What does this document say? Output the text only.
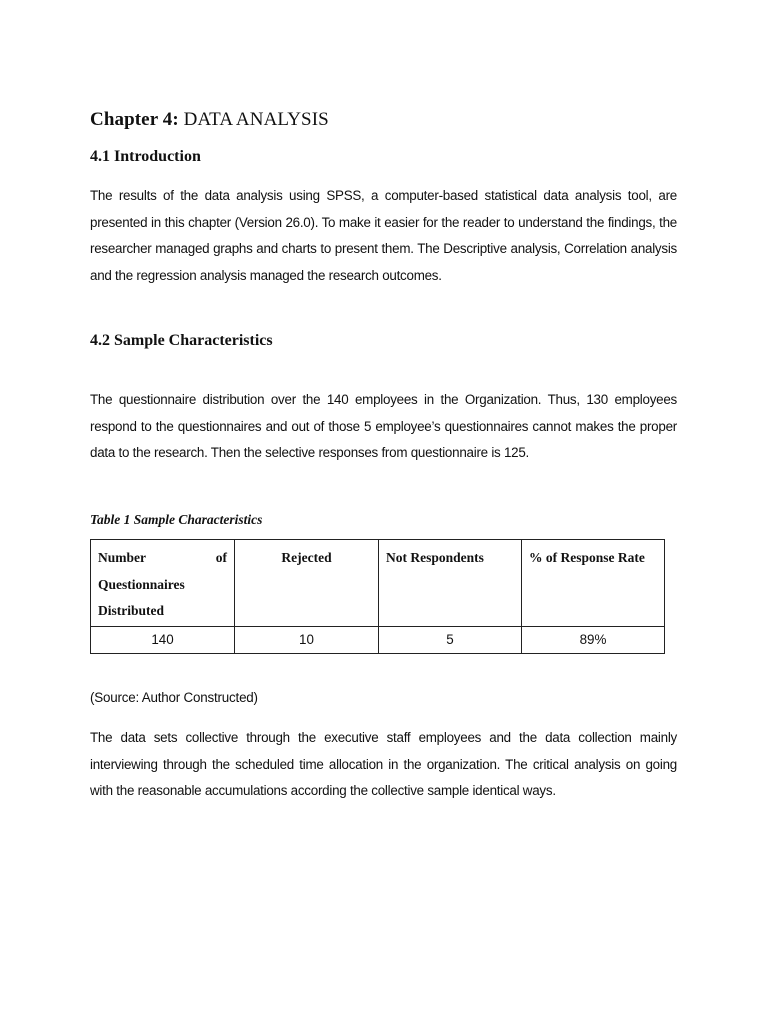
Chapter 4: DATA ANALYSIS
4.1 Introduction

The results of the data analysis using SPSS, a computer-based statistical data analysis tool, are presented in this chapter (Version 26.0). To make it easier for the reader to understand the findings, the researcher managed graphs and charts to present them. The Descriptive analysis, Correlation analysis and the regression analysis managed the research outcomes.

4.2 Sample Characteristics

The questionnaire distribution over the 140 employees in the Organization. Thus, 130 employees respond to the questionnaires and out of those 5 employee’s questionnaires cannot makes the proper data to the research. Then the selective responses from questionnaire is 125.

Table 1 Sample Characteristics
Number of Questionnaires Distributed	Rejected	Not Respondents	% of Response Rate

140	10	5	89%
(Source: Author Constructed)

The data sets collective through the executive staff employees and the data collection mainly interviewing through the scheduled time allocation in the organization. The critical analysis on going with the reasonable accumulations according the collective sample identical ways.
